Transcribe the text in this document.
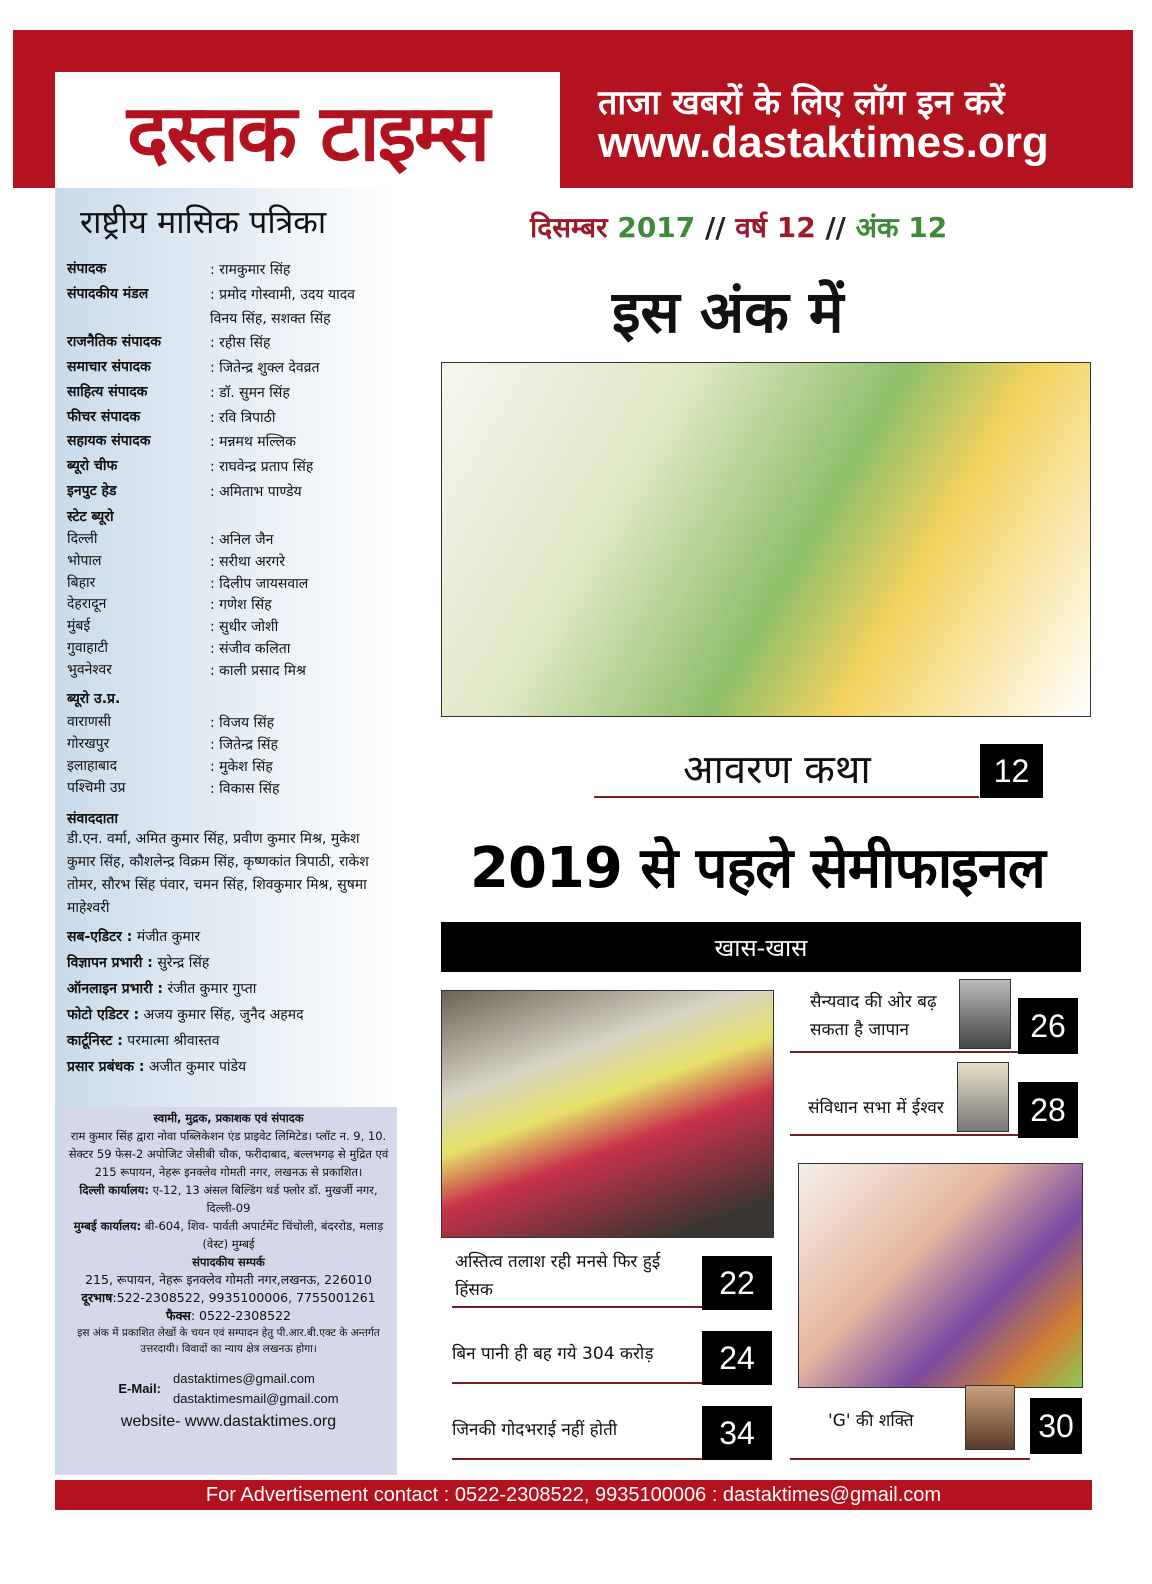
दस्तक टाइम्स	ताजा खबरों के लिए लॉग इन करें
www.dastaktimes.org
राष्ट्रीय मासिक पत्रिका
संपादक	: रामकुमार सिंह
संपादकीय मंडल	: प्रमोद गोस्वामी, उदय यादव
विनय सिंह, सशक्त सिंह
राजनैतिक संपादक	: रहीस सिंह
समाचार संपादक	: जितेन्द्र शुक्ल देवव्रत
साहित्य संपादक	: डॉ. सुमन सिंह
फीचर संपादक	: रवि त्रिपाठी
सहायक संपादक	: मन्नमथ मल्लिक
ब्यूरो चीफ	: राघवेन्द्र प्रताप सिंह
इनपुट हेड	: अमिताभ पाण्डेय
स्टेट ब्यूरो
दिल्ली	: अनिल जैन
भोपाल	: सरीथा अरगरे
बिहार	: दिलीप जायसवाल
देहरादून	: गणेश सिंह
मुंबई	: सुधीर जोशी
गुवाहाटी	: संजीव कलिता
भुवनेश्वर	: काली प्रसाद मिश्र
ब्यूरो उ.प्र.
वाराणसी	: विजय सिंह
गोरखपुर	: जितेन्द्र सिंह
इलाहाबाद	: मुकेश सिंह
पश्चिमी उप्र	: विकास सिंह
संवाददाता
डी.एन. वर्मा, अमित कुमार सिंह, प्रवीण कुमार मिश्र, मुकेश कुमार सिंह, कौशलेन्द्र विक्रम सिंह, कृष्णकांत त्रिपाठी, राकेश तोमर, सौरभ सिंह पंवार, चमन सिंह, शिवकुमार मिश्र, सुषमा माहेश्वरी
सब-एडिटर : मंजीत कुमार
विज्ञापन प्रभारी : सुरेन्द्र सिंह
ऑनलाइन प्रभारी : रंजीत कुमार गुप्ता
फोटो एडिटर : अजय कुमार सिंह, जुनैद अहमद
कार्टूनिस्ट : परमात्मा श्रीवास्तव
प्रसार प्रबंधक : अजीत कुमार पांडेय
स्वामी, मुद्रक, प्रकाशक एवं संपादक
राम कुमार सिंह द्वारा नोवा पब्लिकेशन एंड प्राइवेट लिमिटेड। प्लॉट न. 9, 10. सेक्टर 59 फेस-2 अपोजिट जेसीबी चौक, फरीदाबाद, बल्लभगढ़ से मुद्रित एवं 215 रूपायन, नेहरू इनक्लेव गोमती नगर, लखनऊ से प्रकाशित।
दिल्ली कार्यालय: ए-12, 13 अंसल बिल्डिंग थर्ड फ्लोर डॉ. मुखर्जी नगर, दिल्ली-09
मुम्बई कार्यालय: बी-604, शिव- पार्वती अपार्टमेंट चिंचोली, बंदररोड, मलाड़ (वेस्ट) मुम्बई
संपादकीय सम्पर्क
215, रूपायन, नेहरू इनक्लेव गोमती नगर,लखनऊ, 226010
दूरभाष:522-2308522, 9935100006, 7755001261
फैक्स: 0522-2308522
इस अंक में प्रकाशित लेखों के चयन एवं सम्पादन हेतु पी.आर.बी.एक्ट के अन्तर्गत उत्तरदायी। विवादों का न्याय क्षेत्र लखनऊ होगा।
E-Mail:
dastaktimes@gmail.com
dastaktimesmail@gmail.com
website- www.dastaktimes.org
दिसम्बर 2017 // वर्ष 12 // अंक 12
इस अंक में
आवरण कथा	12
2019 से पहले सेमीफाइनल
खास-खास
अस्तित्व तलाश रही मनसे फिर हुई हिंसक	22
बिन पानी ही बह गये 304 करोड़	24
जिनकी गोदभराई नहीं होती	34
सैन्यवाद की ओर बढ़ सकता है जापान	26
संविधान सभा में ईश्वर	28
'G' की शक्ति	30
For Advertisement contact : 0522-2308522, 9935100006 : dastaktimes@gmail.com
